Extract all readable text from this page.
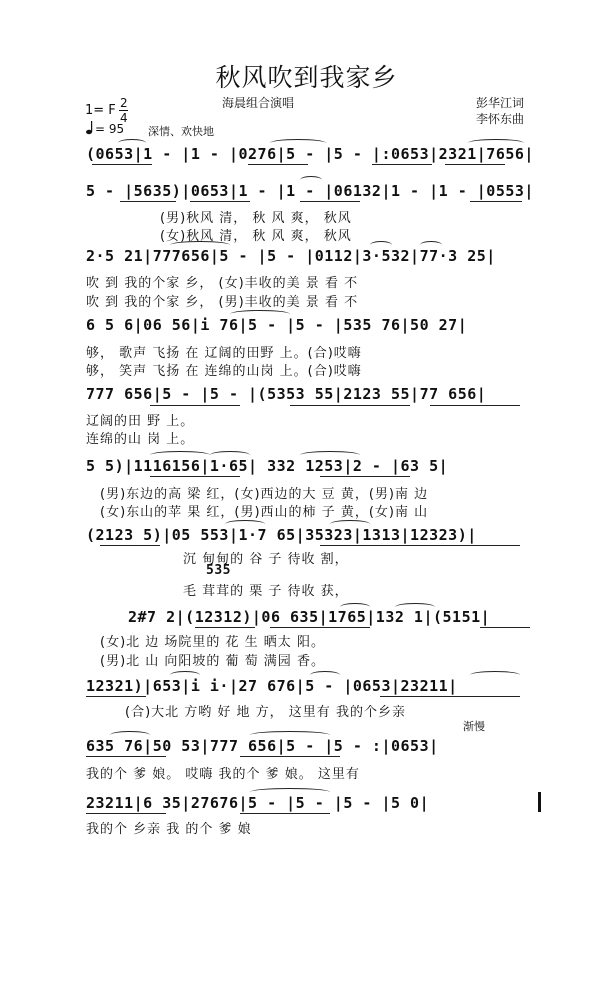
秋风吹到我家乡
海晨组合演唱	彭华江词
李怀东曲
1= F 2
4
= 95 深情、欢快地
(0653|1 - |1 - |0276|5 - |5 - |:0653|2321|7656|
5 - |5635)|0653|1 - |1 - |06132|1 - |1 - |0553|
(男)秋风 清， 秋 风 爽， 秋风
(女)秋风 清， 秋 风 爽， 秋风
2·5 21|777656|5 - |5 - |0112|3·532|77·3 25|
吹 到 我的个家 乡， (女)丰收的美 景 看 不
吹 到 我的个家 乡， (男)丰收的美 景 看 不
6 5 6|06 56|i 76|5 - |5 - |535 76|50 27|
够， 歌声 飞扬 在 辽阔的田野 上。(合)哎嗨
够， 笑声 飞扬 在 连绵的山岗 上。(合)哎嗨
777 656|5 - |5 - |(5353 55|2123 55|77 656|
辽阔的田 野 上。
连绵的山 岗 上。
5 5)|1116156|1·65| 332 1253|2 - |63 5|
(男)东边的高 梁 红，(女)西边的大 豆 黄，(男)南 边
(女)东山的苹 果 红，(男)西山的柿 子 黄，(女)南 山
(2123 5)|05 553|1·7 65|35323|1313|12323)|
沉 甸甸的 谷 子 待收 割，
535
毛 茸茸的 栗 子 待收 获，
2#7 2|(12312)|06 635|1765|132 1|(5151|
(女)北 边 场院里的 花 生 晒太 阳。
(男)北 山 向阳坡的 葡 萄 满园 香。
12321)|653|i i·|27 676|5 - |0653|23211|
(合)大北 方哟 好 地 方， 这里有 我的个乡亲
渐慢
635 76|50 53|777 656|5 - |5 - :|0653|
我的个 爹 娘。 哎嗨 我的个 爹 娘。 这里有
23211|6 35|27676|5 - |5 - |5 - |5 0|
我的个 乡亲 我 的个 爹 娘
